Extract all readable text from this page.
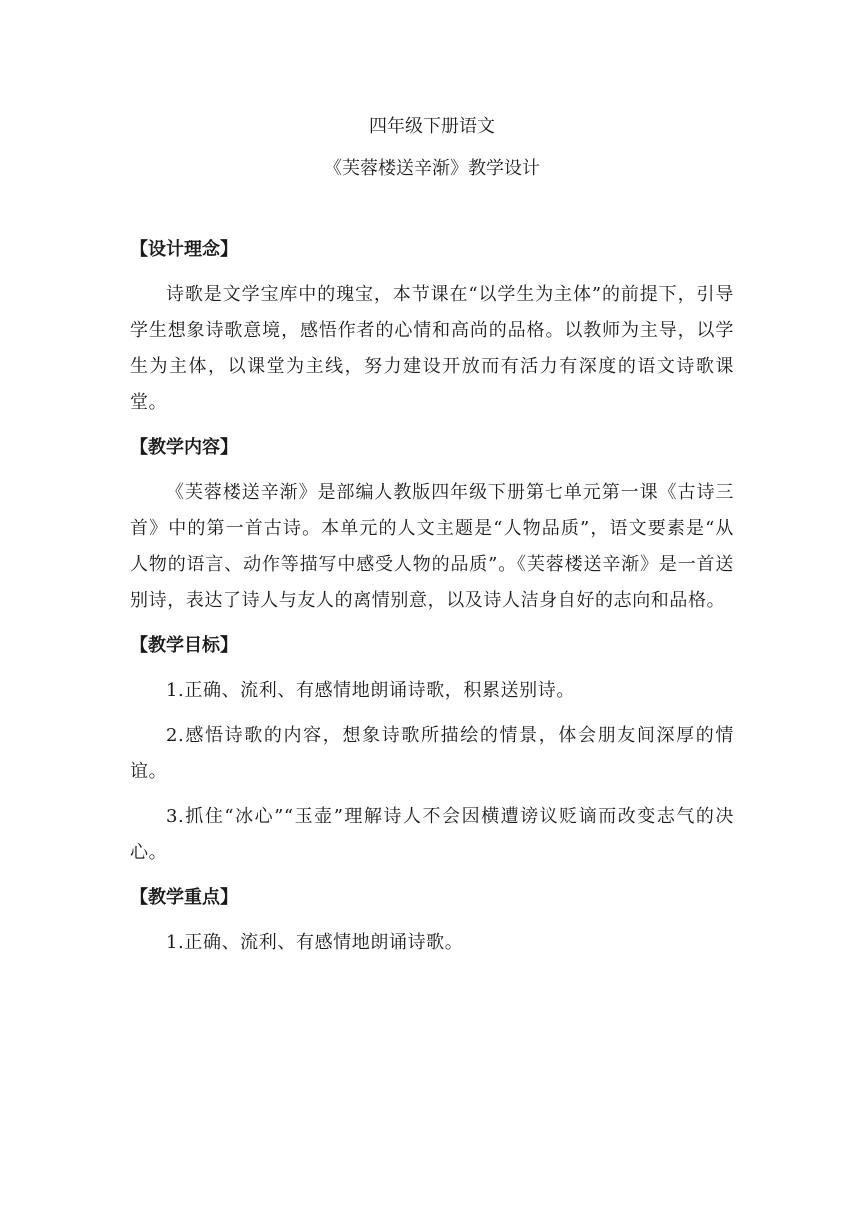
四年级下册语文

《芙蓉楼送辛渐》教学设计

【设计理念】

诗歌是文学宝库中的瑰宝，本节课在“以学生为主体”的前提下，引导学生想象诗歌意境，感悟作者的心情和高尚的品格。以教师为主导，以学生为主体，以课堂为主线，努力建设开放而有活力有深度的语文诗歌课堂。

【教学内容】

《芙蓉楼送辛渐》是部编人教版四年级下册第七单元第一课《古诗三首》中的第一首古诗。本单元的人文主题是“人物品质”，语文要素是“从人物的语言、动作等描写中感受人物的品质”。《芙蓉楼送辛渐》是一首送别诗，表达了诗人与友人的离情别意，以及诗人洁身自好的志向和品格。

【教学目标】

1.正确、流利、有感情地朗诵诗歌，积累送别诗。

2.感悟诗歌的内容，想象诗歌所描绘的情景，体会朋友间深厚的情谊。

3.抓住“冰心”“玉壶”理解诗人不会因横遭谤议贬谪而改变志气的决心。

【教学重点】

1.正确、流利、有感情地朗诵诗歌。
